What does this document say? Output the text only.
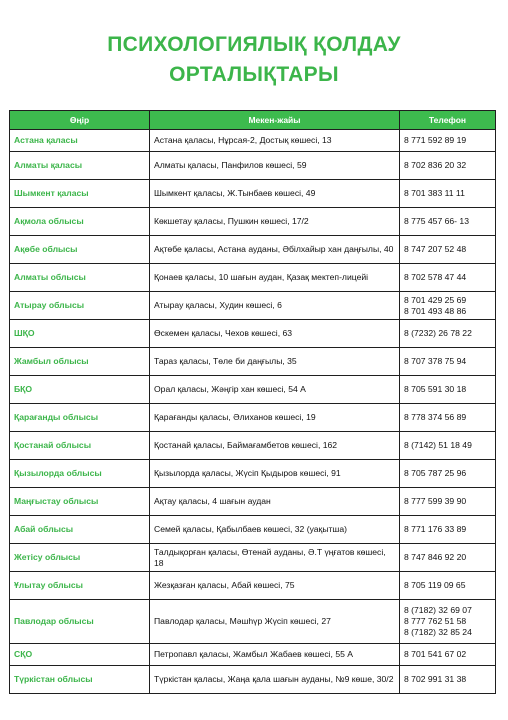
ПСИХОЛОГИЯЛЫҚ ҚОЛДАУ
ОРТАЛЫҚТАРЫ
Өңір	Мекен-жайы	Телефон
Астана қаласы	Астана қаласы, Нұрсая-2, Достық көшесі, 13	8 771 592 89 19
Алматы қаласы	Алматы қаласы, Панфилов көшесі, 59	8 702 836 20 32
Шымкент қаласы	Шымкент қаласы, Ж.Тынбаев көшесі, 49	8 701 383 11 11
Ақмола облысы	Көкшетау қаласы, Пушкин көшесі, 17/2	8 775 457 66- 13
Ақөбе облысы	Ақтөбе қаласы, Астана ауданы, Әбілхайыр хан даңғылы, 40	8 747 207 52 48
Алматы облысы	Қонаев қаласы, 10 шағын аудан, Қазақ мектеп-лицейі	8 702 578 47 44
Атырау облысы	Атырау қаласы, Худин көшесі, 6	8 701 429 25 69
8 701 493 48 86
ШҚО	Өскемен қаласы, Чехов көшесі, 63	8 (7232) 26 78 22
Жамбыл облысы	Тараз қаласы, Төле би даңғылы, 35	8 707 378 75 94
БҚО	Орал қаласы, Жәңгір хан көшесі, 54 А	8 705 591 30 18
Қарағанды облысы	Қарағанды қаласы, Әлиханов көшесі, 19	8 778 374 56 89
Қостанай облысы	Қостанай қаласы, Баймағамбетов көшесі, 162	8 (7142) 51 18 49
Қызылорда облысы	Қызылорда қаласы, Жүсіп Қыдыров көшесі, 91	8 705 787 25 96
Маңғыстау облысы	Ақтау қаласы, 4 шағын аудан	8 777 599 39 90
Абай облысы	Семей қаласы, Қабылбаев көшесі, 32 (уақытша)	8 771 176 33 89
Жетісу облысы	Талдықорған қаласы, Өтенай ауданы, Ә.Т үңғатов көшесі, 18	8 747 846 92 20
Ұлытау облысы	Жезқазған қаласы, Абай көшесі, 75	8 705 119 09 65
Павлодар облысы	Павлодар қаласы, Мәшһүр Жүсіп көшесі, 27	8 (7182) 32 69 07
8 777 762 51 58
8 (7182) 32 85 24
СҚО	Петропавл қаласы, Жамбыл Жабаев көшесі, 55 А	8 701 541 67 02
Түркістан облысы	Түркістан қаласы, Жаңа қала шағын ауданы, №9 көше, 30/2	8 702 991 31 38
